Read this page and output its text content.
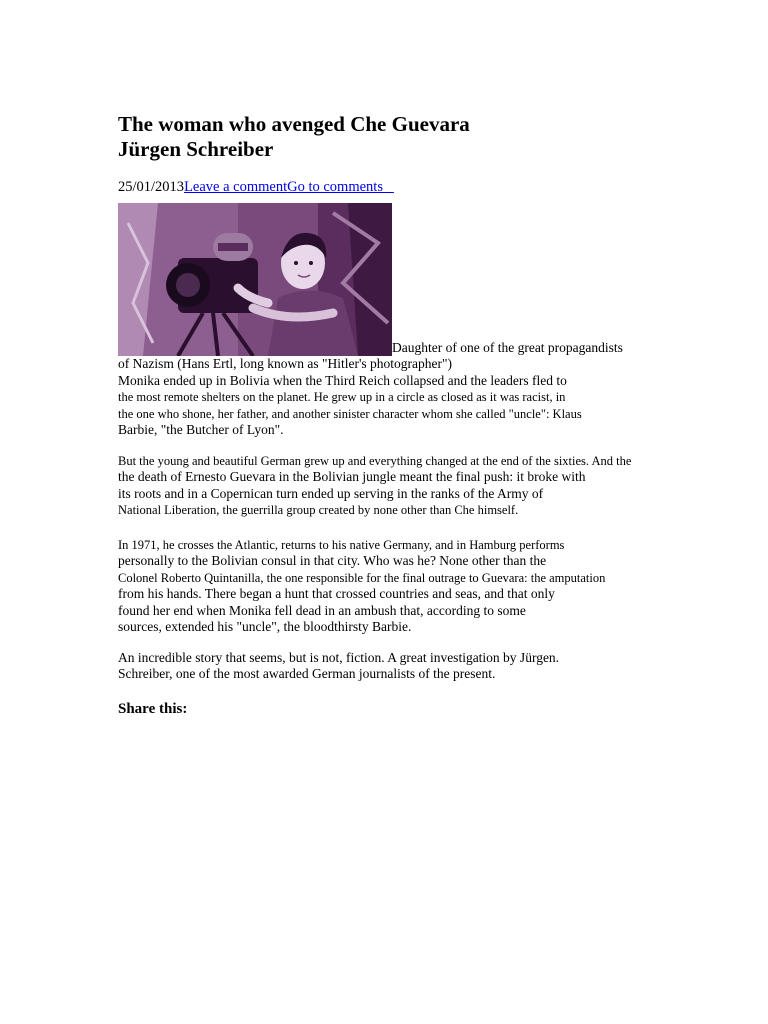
The woman who avenged Che Guevara
Jürgen Schreiber
25/01/2013Leave a commentGo to comments
Daughter of one of the great propagandists

of Nazism (Hans Ertl, long known as "Hitler's photographer")
Monika ended up in Bolivia when the Third Reich collapsed and the leaders fled to
the most remote shelters on the planet. He grew up in a circle as closed as it was racist, in
the one who shone, her father, and another sinister character whom she called "uncle": Klaus
Barbie, "the Butcher of Lyon".

But the young and beautiful German grew up and everything changed at the end of the sixties. And the
the death of Ernesto Guevara in the Bolivian jungle meant the final push: it broke with
its roots and in a Copernican turn ended up serving in the ranks of the Army of
National Liberation, the guerrilla group created by none other than Che himself.

In 1971, he crosses the Atlantic, returns to his native Germany, and in Hamburg performs
personally to the Bolivian consul in that city. Who was he? None other than the
Colonel Roberto Quintanilla, the one responsible for the final outrage to Guevara: the amputation
from his hands. There began a hunt that crossed countries and seas, and that only
found her end when Monika fell dead in an ambush that, according to some
sources, extended his "uncle", the bloodthirsty Barbie.

An incredible story that seems, but is not, fiction. A great investigation by Jürgen.
Schreiber, one of the most awarded German journalists of the present.

Share this:
